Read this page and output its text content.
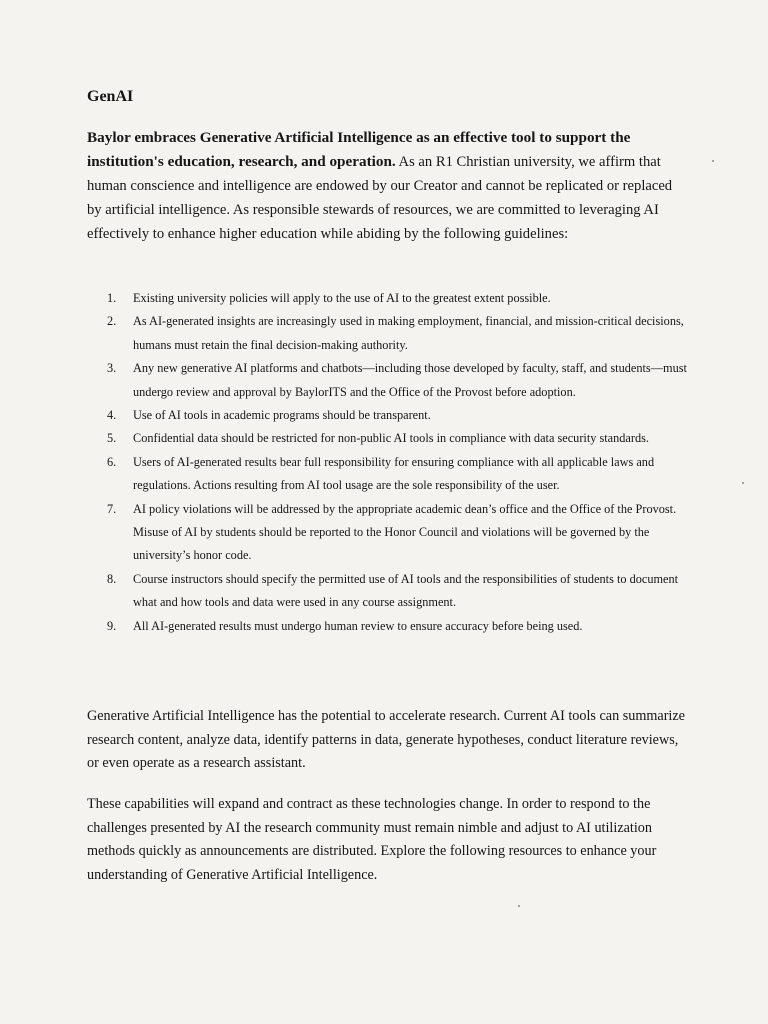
GenAI

Baylor embraces Generative Artificial Intelligence as an effective tool to support the institution's education, research, and operation. As an R1 Christian university, we affirm that human conscience and intelligence are endowed by our Creator and cannot be replicated or replaced by artificial intelligence. As responsible stewards of resources, we are committed to leveraging AI effectively to enhance higher education while abiding by the following guidelines:

1. Existing university policies will apply to the use of AI to the greatest extent possible.
2. As AI-generated insights are increasingly used in making employment, financial, and mission-critical decisions, humans must retain the final decision-making authority.
3. Any new generative AI platforms and chatbots—including those developed by faculty, staff, and students—must undergo review and approval by BaylorITS and the Office of the Provost before adoption.
4. Use of AI tools in academic programs should be transparent.
5. Confidential data should be restricted for non-public AI tools in compliance with data security standards.
6. Users of AI-generated results bear full responsibility for ensuring compliance with all applicable laws and regulations. Actions resulting from AI tool usage are the sole responsibility of the user.
7. AI policy violations will be addressed by the appropriate academic dean’s office and the Office of the Provost. Misuse of AI by students should be reported to the Honor Council and violations will be governed by the university’s honor code.
8. Course instructors should specify the permitted use of AI tools and the responsibilities of students to document what and how tools and data were used in any course assignment.
9. All AI-generated results must undergo human review to ensure accuracy before being used.

Generative Artificial Intelligence has the potential to accelerate research. Current AI tools can summarize research content, analyze data, identify patterns in data, generate hypotheses, conduct literature reviews, or even operate as a research assistant.

These capabilities will expand and contract as these technologies change. In order to respond to the challenges presented by AI the research community must remain nimble and adjust to AI utilization methods quickly as announcements are distributed. Explore the following resources to enhance your understanding of Generative Artificial Intelligence.
